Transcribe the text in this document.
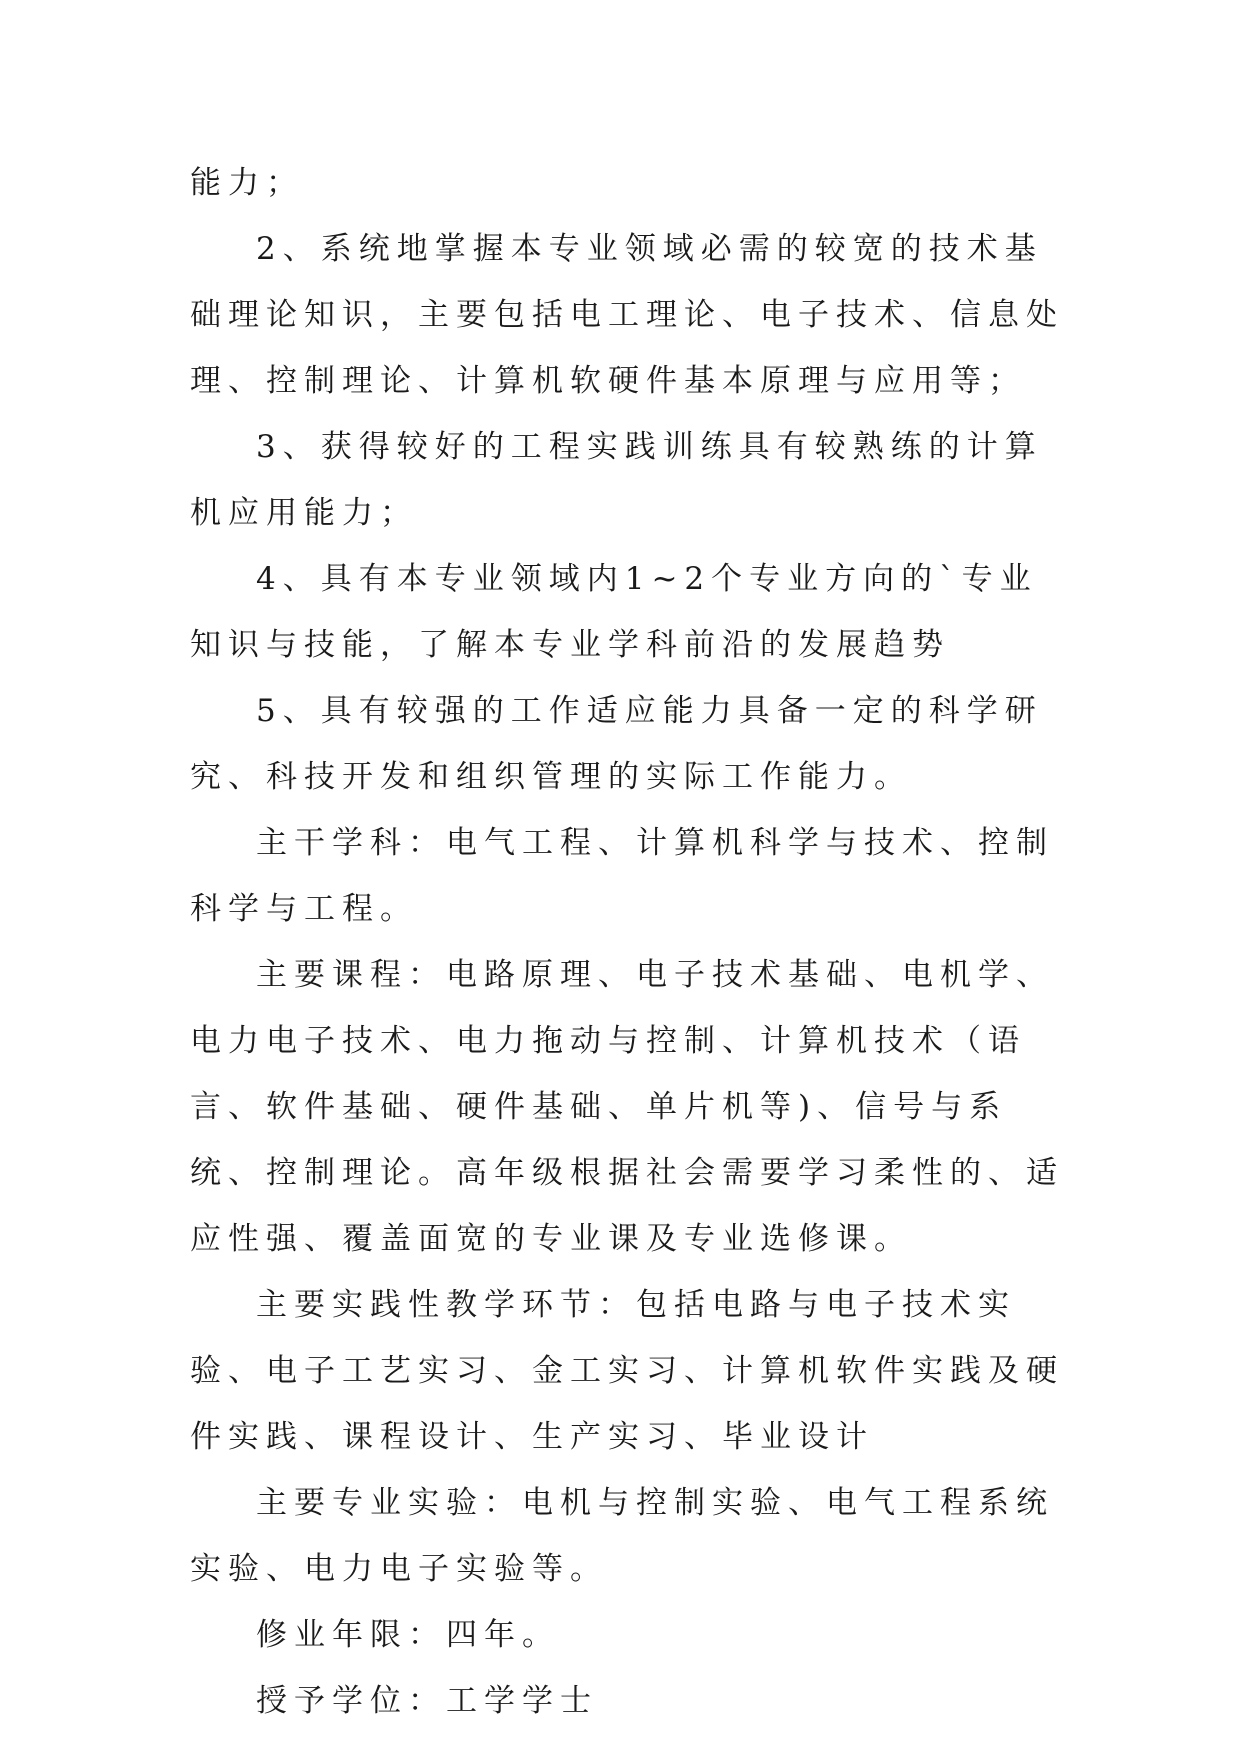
能力；

2、系统地掌握本专业领域必需的较宽的技术基础理论知识，主要包括电工理论、电子技术、信息处理、控制理论、计算机软硬件基本原理与应用等；

3、获得较好的工程实践训练具有较熟练的计算机应用能力；

4、具有本专业领域内1~2个专业方向的`专业知识与技能，了解本专业学科前沿的发展趋势

5、具有较强的工作适应能力具备一定的科学研究、科技开发和组织管理的实际工作能力。

主干学科：电气工程、计算机科学与技术、控制科学与工程。

主要课程：电路原理、电子技术基础、电机学、电力电子技术、电力拖动与控制、计算机技术（语言、软件基础、硬件基础、单片机等)、信号与系统、控制理论。高年级根据社会需要学习柔性的、适应性强、覆盖面宽的专业课及专业选修课。

主要实践性教学环节：包括电路与电子技术实验、电子工艺实习、金工实习、计算机软件实践及硬件实践、课程设计、生产实习、毕业设计

主要专业实验：电机与控制实验、电气工程系统实验、电力电子实验等。

修业年限：四年。

授予学位：工学学士
